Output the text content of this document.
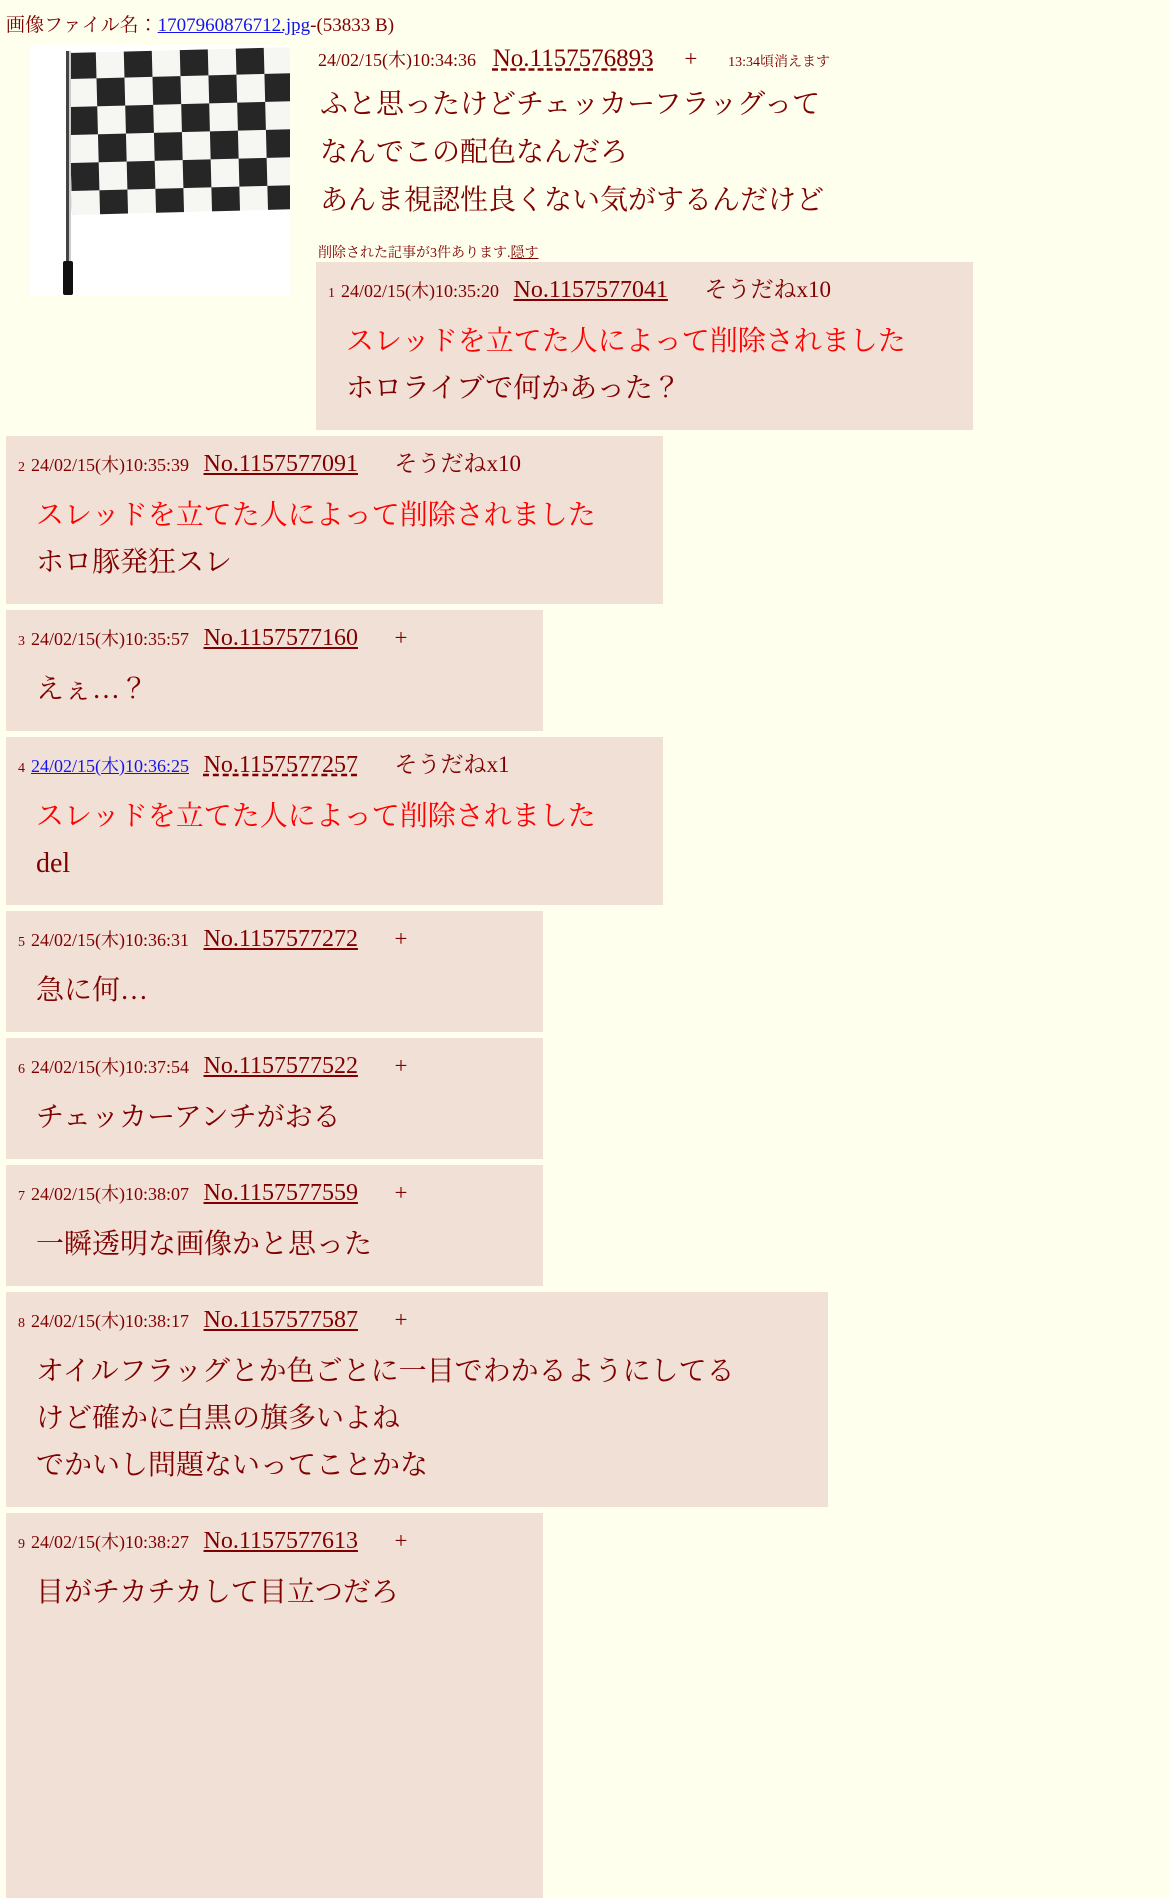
画像ファイル名：1707960876712.jpg-(53833 B)
24/02/15(木)10:34:36 No.1157576893 + 13:34頃消えます
ふと思ったけどチェッカーフラッグって
なんでこの配色なんだろ
あんま視認性良くない気がするんだけど
削除された記事が3件あります.隠す
1 24/02/15(木)10:35:20 No.1157577041 そうだねx10
スレッドを立てた人によって削除されました
ホロライブで何かあった？
2 24/02/15(木)10:35:39 No.1157577091 そうだねx10
スレッドを立てた人によって削除されました
ホロ豚発狂スレ
3 24/02/15(木)10:35:57 No.1157577160 +
えぇ…？
4 24/02/15(木)10:36:25 No.1157577257 そうだねx1
スレッドを立てた人によって削除されました
del
5 24/02/15(木)10:36:31 No.1157577272 +
急に何…
6 24/02/15(木)10:37:54 No.1157577522 +
チェッカーアンチがおる
7 24/02/15(木)10:38:07 No.1157577559 +
一瞬透明な画像かと思った
8 24/02/15(木)10:38:17 No.1157577587 +
オイルフラッグとか色ごとに一目でわかるようにしてる
けど確かに白黒の旗多いよね
でかいし問題ないってことかな
9 24/02/15(木)10:38:27 No.1157577613 +
目がチカチカして目立つだろ
